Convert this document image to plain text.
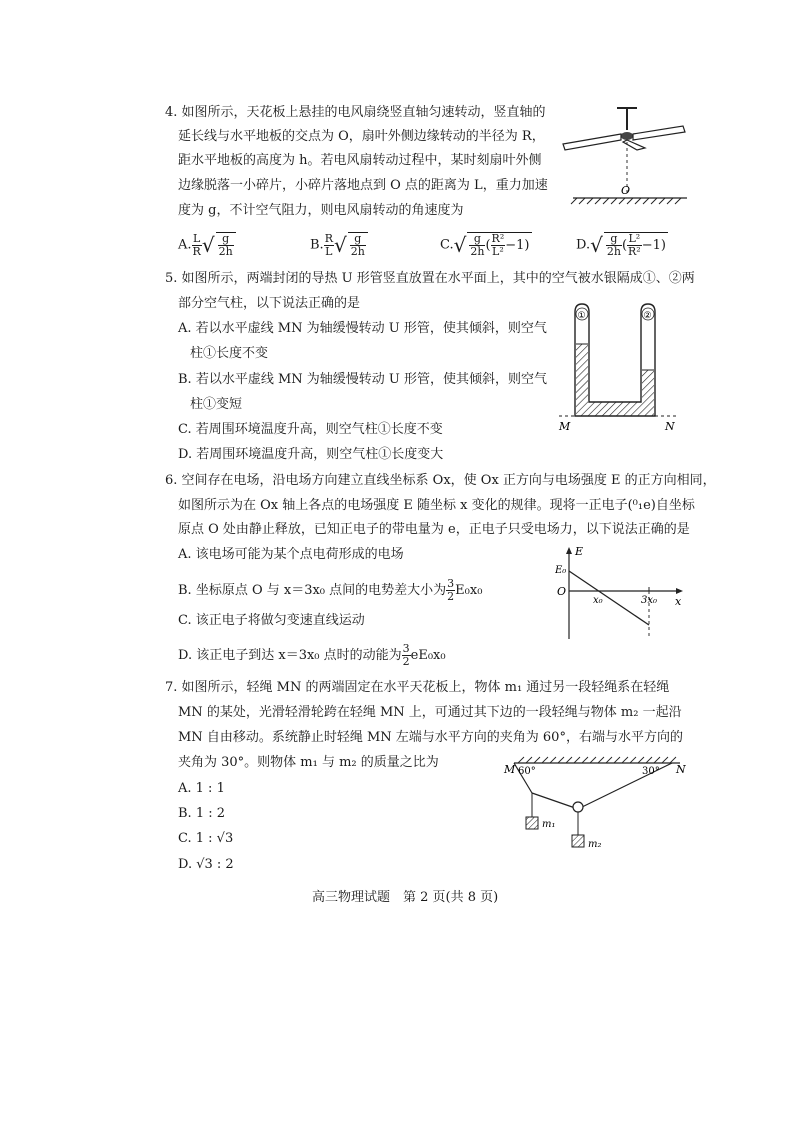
4. 如图所示，天花板上悬挂的电风扇绕竖直轴匀速转动，竖直轴的
延长线与水平地板的交点为 O，扇叶外侧边缘转动的半径为 R，
距水平地板的高度为 h。若电风扇转动过程中，某时刻扇叶外侧
边缘脱落一小碎片，小碎片落地点到 O 点的距离为 L，重力加速
度为 g，不计空气阻力，则电风扇转动的角速度为
A. $\frac{L}{R}$ √ $\frac{g}{2h}$	B. $\frac{R}{L}$ √ $\frac{g}{2h}$	$C.√ \frac{g}{2h}$ ( $\frac{\text{R²}}{\text{L²}} -1$)	$D.√ \frac{g}{2h}$ ( $\frac{\text{L²}}{\text{R²}} -1$)
O
5. 如图所示，两端封闭的导热 U 形管竖直放置在水平面上，其中的空气被水银隔成①、②两
部分空气柱，以下说法正确的是
A. 若以水平虚线 MN 为轴缓慢转动 U 形管，使其倾斜，则空气
柱①长度不变
B. 若以水平虚线 MN 为轴缓慢转动 U 形管，使其倾斜，则空气
柱①变短
C. 若周围环境温度升高，则空气柱①长度不变
D. 若周围环境温度升高，则空气柱①长度变大
①	②
M	N
6. 空间存在电场，沿电场方向建立直线坐标系 Ox，使 Ox 正方向与电场强度 E 的正方向相同，
如图所示为在 Ox 轴上各点的电场强度 E 随坐标 x 变化的规律。现将一正电子(⁰₁e)自坐标
原点 O 处由静止释放，已知正电子的带电量为 e，正电子只受电场力，以下说法正确的是
A. 该电场可能为某个点电荷形成的电场
B. 坐标原点 O 与 x＝3x₀ 点间的电势差大小为 $\frac{3}{2} E_0x_0$
C. 该正电子将做匀变速直线运动
D. 该正电子到达 x＝3x₀ 点时的动能为 $\frac{3}{2} eE_0x_0$
E
x
O
E₀
x₀	3x₀
7. 如图所示，轻绳 MN 的两端固定在水平天花板上，物体 m₁ 通过另一段轻绳系在轻绳
MN 的某处，光滑轻滑轮跨在轻绳 MN 上，可通过其下边的一段轻绳与物体 m₂ 一起沿
MN 自由移动。系统静止时轻绳 MN 左端与水平方向的夹角为 60°，右端与水平方向的
夹角为 30°。则物体 m₁ 与 m₂ 的质量之比为
A. 1 : 1
B. 1 : 2
C. 1 : √3
D. √3 : 2
M	N
60°	30°
m₁
m₂
高三物理试题　第 2 页(共 8 页)
